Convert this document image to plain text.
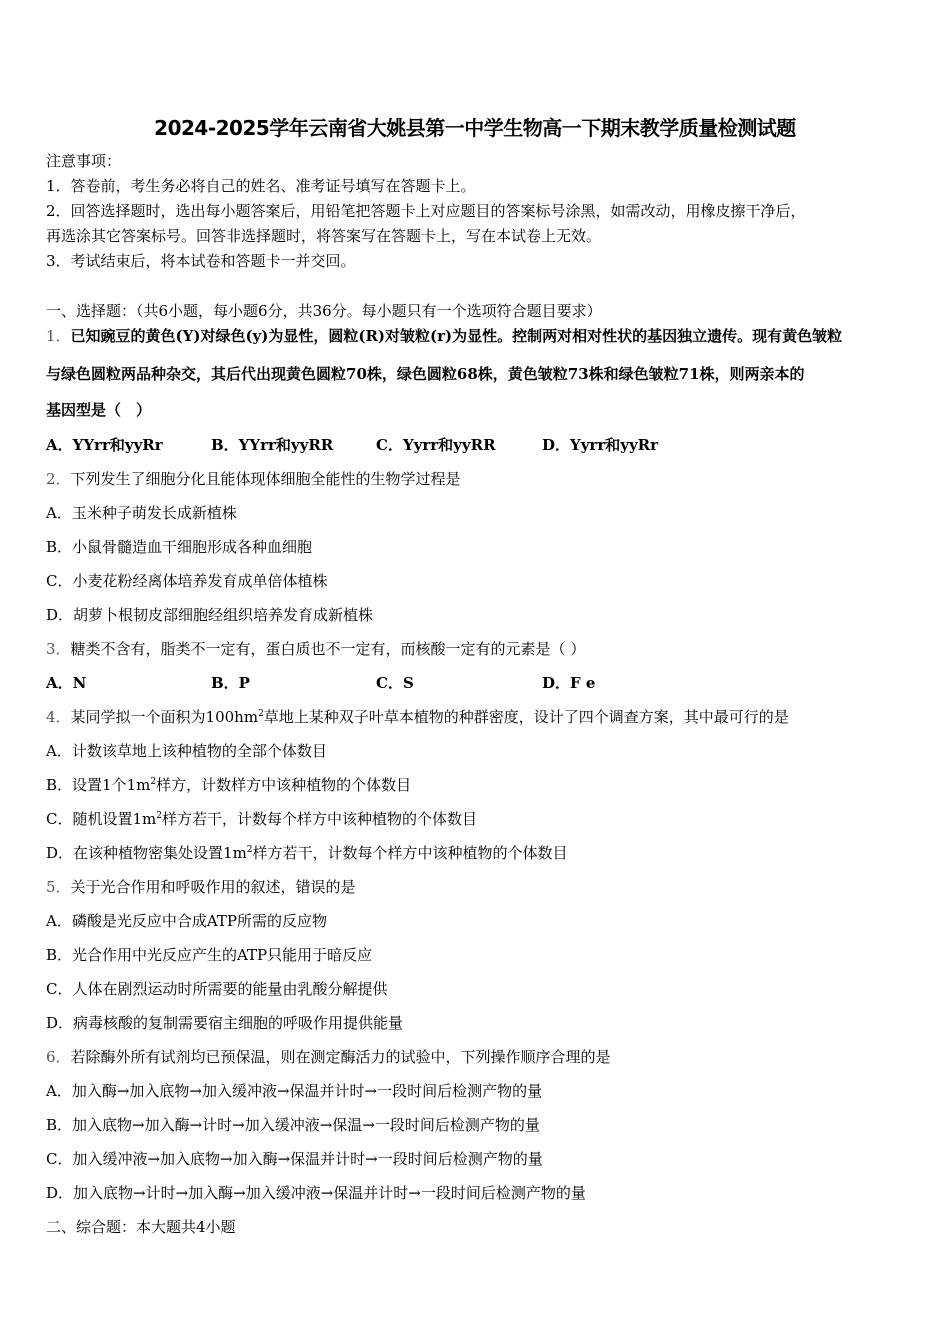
2024-2025学年云南省大姚县第一中学生物高一下期末教学质量检测试题
注意事项：
1．答卷前，考生务必将自己的姓名、准考证号填写在答题卡上。
2．回答选择题时，选出每小题答案后，用铅笔把答题卡上对应题目的答案标号涂黑，如需改动，用橡皮擦干净后，
再选涂其它答案标号。回答非选择题时，将答案写在答题卡上，写在本试卷上无效。
3．考试结束后，将本试卷和答题卡一并交回。
一、选择题：（共6小题，每小题6分，共36分。每小题只有一个选项符合题目要求）
1．已知豌豆的黄色(Y)对绿色(y)为显性，圆粒(R)对皱粒(r)为显性。控制两对相对性状的基因独立遗传。现有黄色皱粒
与绿色圆粒两品种杂交，其后代出现黄色圆粒70株，绿色圆粒68株，黄色皱粒73株和绿色皱粒71株，则两亲本的
基因型是（　）
A．YYrr和yyRr	B．YYrr和yyRR	C．Yyrr和yyRR	D．Yyrr和yyRr
2．下列发生了细胞分化且能体现体细胞全能性的生物学过程是
A．玉米种子萌发长成新植株
B．小鼠骨髓造血干细胞形成各种血细胞
C．小麦花粉经离体培养发育成单倍体植株
D．胡萝卜根韧皮部细胞经组织培养发育成新植株
3．糖类不含有，脂类不一定有，蛋白质也不一定有，而核酸一定有的元素是（ ）
A．N	B．P	C．S	D．F e
4．某同学拟一个面积为$100hm^2$草地上某种双子叶草本植物的种群密度，设计了四个调查方案，其中最可行的是
A．计数该草地上该种植物的全部个体数目
B．设置1个$1m^2$样方，计数样方中该种植物的个体数目
C．随机设置$1m^2$样方若干，计数每个样方中该种植物的个体数目
D．在该种植物密集处设置$1m^2$样方若干，计数每个样方中该种植物的个体数目
5．关于光合作用和呼吸作用的叙述，错误的是
A．磷酸是光反应中合成ATP所需的反应物
B．光合作用中光反应产生的ATP只能用于暗反应
C．人体在剧烈运动时所需要的能量由乳酸分解提供
D．病毒核酸的复制需要宿主细胞的呼吸作用提供能量
6．若除酶外所有试剂均已预保温，则在测定酶活力的试验中，下列操作顺序合理的是
A．加入酶→加入底物→加入缓冲液→保温并计时→一段时间后检测产物的量
B．加入底物→加入酶→计时→加入缓冲液→保温→一段时间后检测产物的量
C．加入缓冲液→加入底物→加入酶→保温并计时→一段时间后检测产物的量
D．加入底物→计时→加入酶→加入缓冲液→保温并计时→一段时间后检测产物的量
二、综合题：本大题共4小题
